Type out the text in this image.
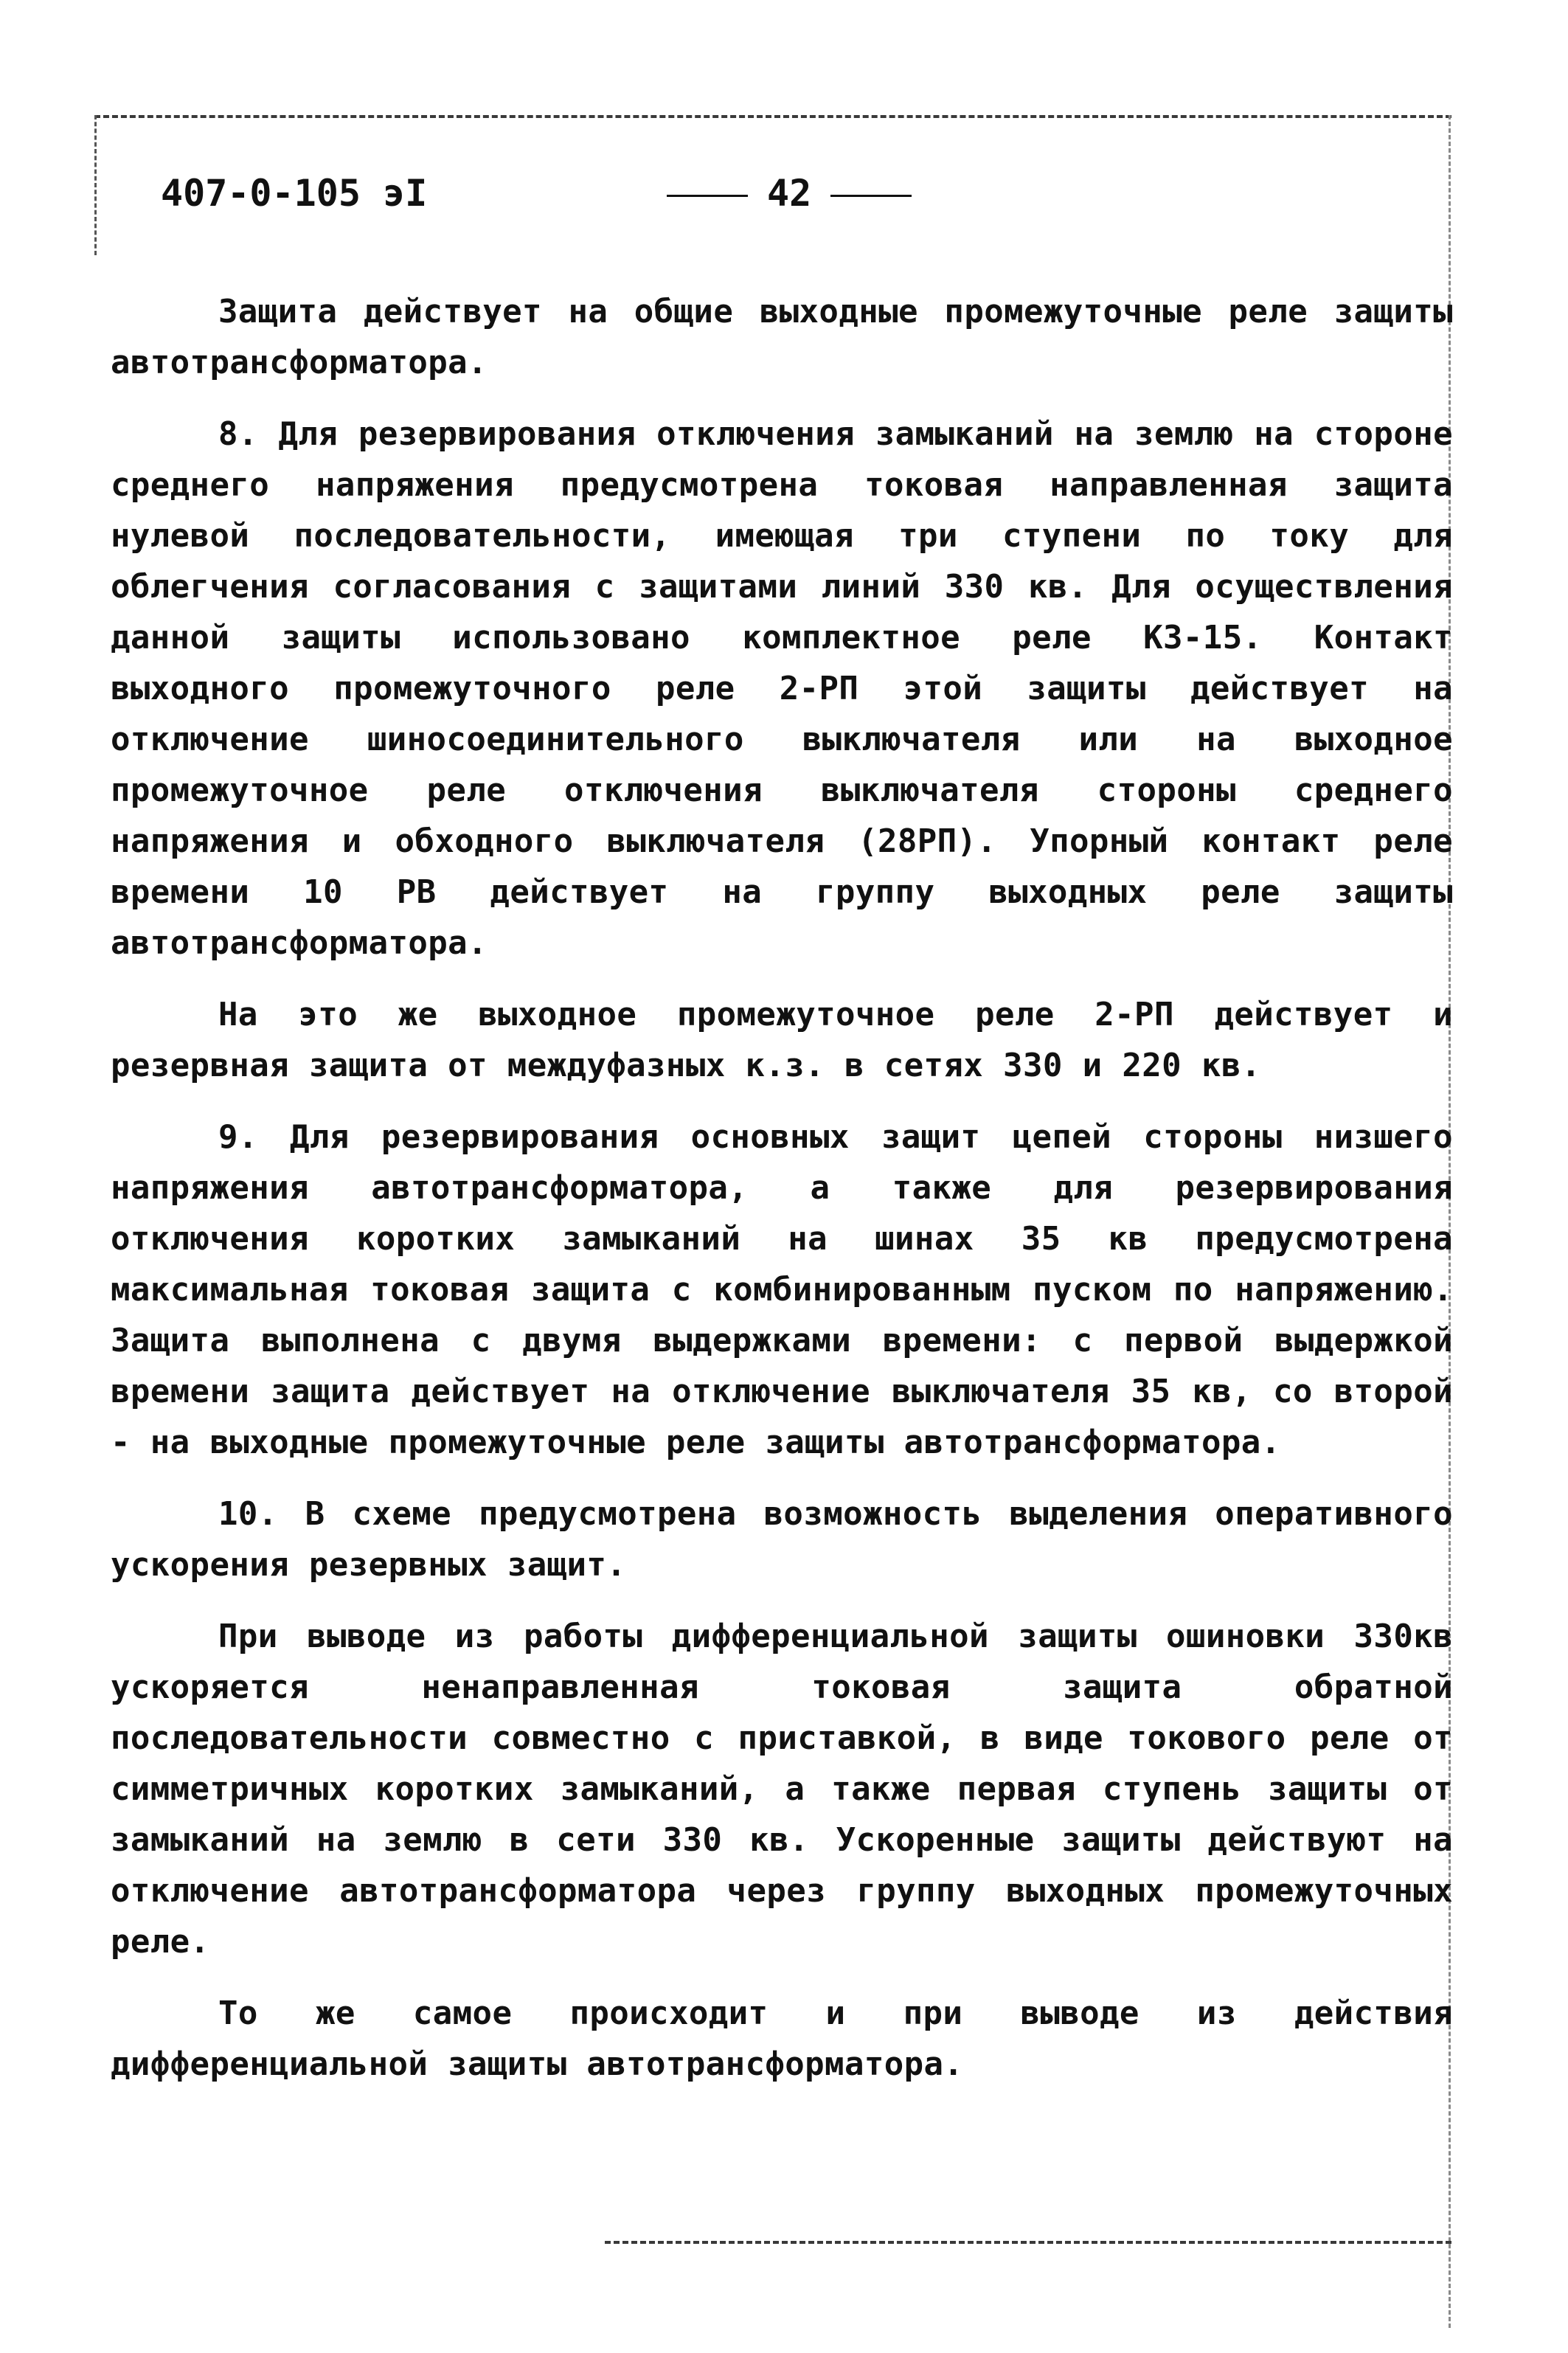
407-0-105 эI	42

Защита действует на общие выходные промежуточные реле защиты автотрансформатора.

8. Для резервирования отключения замыканий на землю на стороне среднего напряжения предусмотрена токовая направленная защита нулевой последовательности, имеющая три ступени по току для облегчения согласования с защитами линий 330 кв. Для осуществления данной защиты использовано комплектное реле КЗ-15. Контакт выходного промежуточного реле 2-РП этой защиты действует на отключение шиносоединительного выключателя или на выходное промежуточное реле отключения выключателя стороны среднего напряжения и обходного выключателя (28РП). Упорный контакт реле времени 10 РВ действует на группу выходных реле защиты автотрансформатора.

На это же выходное промежуточное реле 2-РП действует и резервная защита от междуфазных к.з. в сетях 330 и 220 кв.

9. Для резервирования основных защит цепей стороны низшего напряжения автотрансформатора, а также для резервирования отключения коротких замыканий на шинах 35 кв предусмотрена максимальная токовая защита с комбинированным пуском по напряжению. Защита выполнена с двумя выдержками времени: с первой выдержкой времени защита действует на отключение выключателя 35 кв, со второй - на выходные промежуточные реле защиты автотрансформатора.

10. В схеме предусмотрена возможность выделения оперативного ускорения резервных защит.

При выводе из работы дифференциальной защиты ошиновки 330кв ускоряется ненаправленная токовая защита обратной последовательности совместно с приставкой, в виде токового реле от симметричных коротких замыканий, а также первая ступень защиты от замыканий на землю в сети 330 кв. Ускоренные защиты действуют на отключение автотрансформатора через группу выходных промежуточных реле.

То же самое происходит и при выводе из действия дифференциальной защиты автотрансформатора.
